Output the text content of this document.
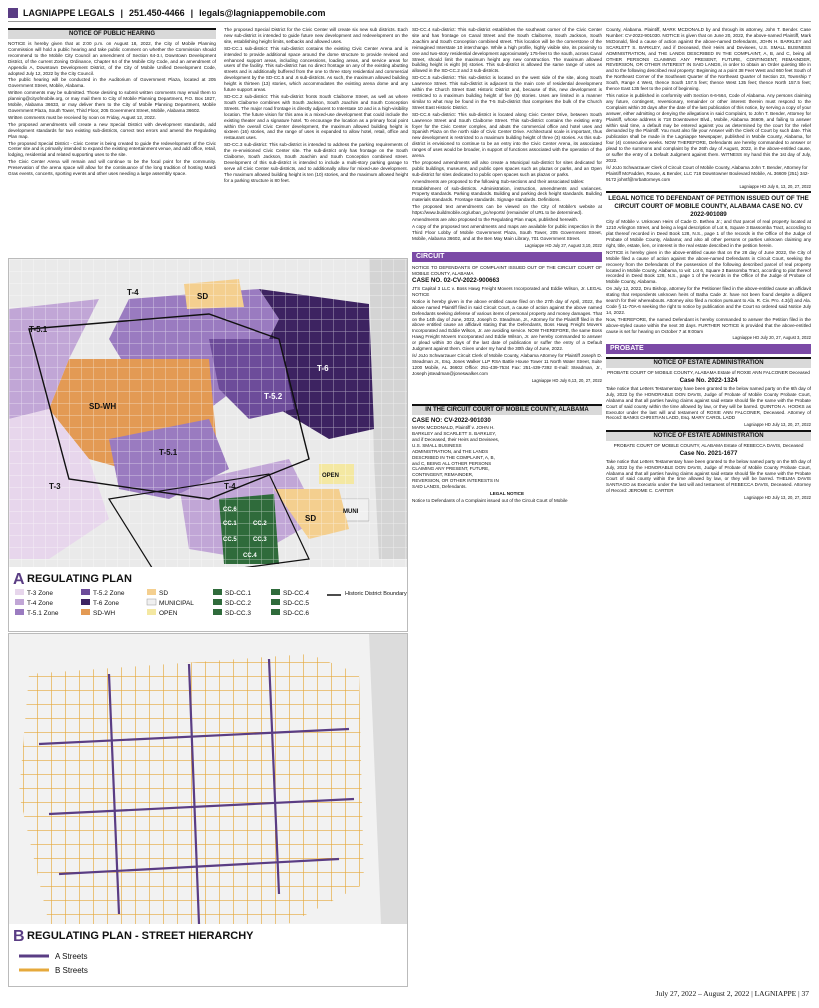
LAGNIAPPE LEGALS | 251.450-4466 | legals@lagniappemobile.com
NOTICE OF PUBLIC HEARING

NOTICE is hereby given that at 2:00 p.m. on August 18, 2022, the City of Mobile Planning Commission will hold a public hearing and take public comment on whether the Commission should recommend to the Mobile City Council an amendment of Section 64-3.I, Downtown Development District, of the current Zoning Ordinance, Chapter 64 of the Mobile City Code, and an amendment of Appendix A, Downtown Development District, of the City of Mobile Unified Development Code, adopted July 12, 2022 by the City Council.

The public hearing will be conducted in the Auditorium of Government Plaza, located at 205 Government Street, Mobile, Alabama.

Written comments may be submitted. Those desiring to submit written comments may email them to planning@cityofmobile.org, or may mail them to City of Mobile Planning Department, P.O. Box 1827, Mobile, Alabama 36633, or may deliver them to the City of Mobile Planning Department, Mobile Government Plaza, South Tower, Third Floor, 205 Government Street, Mobile, Alabama 36602.

Written comments must be received by noon on Friday, August 12, 2022.

The proposed amendments will create a new Special District with development standards, add development standards for two existing sub-districts, correct text errors and amend the Regulating Plan map.

The proposed Special District - Civic Center is being created to guide the redevelopment of the Civic Center site and is primarily intended to expand the existing entertainment venue, and add office, retail, lodging, residential and related supporting uses to the site.

The Civic Center Arena will remain and will continue to be the focal point for the community. Preservation of the arena space will allow for the continuance of the long tradition of hosting Mardi Gras events, concerts, sporting events and other uses needing a large assembly space.

The proposed Special District for the Civic Center will create six new sub districts. Each new sub-district is intended to guide future new development and redevelopment on the site, establishing height limits, setbacks and allowed uses.

SD-CC.1 sub-district: This sub-district contains the existing Civic Center Arena and is intended to provide additional space around the dome structure to provide revised and enhanced support areas, including concessions, loading areas, and service areas for users of the facility. This sub-district has no direct frontage on any of the existing abutting streets and is additionally buffered from the one to three story residential and commercial development by the SD-CC.5 and .6 sub-districts. As such, the maximum allowed building height is thirteen (13) stories, which accommodates the existing arena dome and any future support areas.

SD-CC.2 sub-district: This sub-district fronts South Claiborne Street, as well as where South Claiborne combines with South Jackson, South Joachim and South Conception Streets. The major road frontage is directly adjacent to Interstate 10 and is a high-visibility location. The future vision for this area is a mixed-use development that could include the existing theater and a signature hotel. To encourage the location as a primary focal point within the overall Civic Center development, the maximum allowed building height is sixteen (16) stories, and the range of uses is expanded to allow hotel, retail, office and restaurant uses.

SD-CC.3 sub-district: This sub-district is intended to address the parking requirements of the re-envisioned Civic Center site. The sub-district only has frontage on the South Claiborne, South Jackson, South Joachim and South Conception combined street. Development of this sub-district is intended to include a multi-story parking garage to serve all Civic Center sub-districts, and to additionally allow for mixed-use development. The maximum allowed building height is ten (10) stories, and the maximum allowed height for a parking structure is 80 feet.

SD-CC.4 sub-district: This sub-district establishes the southeast corner of the Civic Center site and has frontage on Canal Street and the South Claiborne, South Jackson, South Joachim and South Conception combined street. This location will be the cornerstone of the reimagined Interstate 10 interchange. While a high profile, highly visible site, its proximity to one and two-story residential development approximately 175-feet to the south, across Canal Street, should limit the maximum height any new construction. The maximum allowed building height is eight (8) stories. This sub-district is allowed the same range of uses as allowed in the SD-CC.2 and 3 sub-districts.

SD-CC.5 sub-district: This sub-district is located on the west side of the site, along South Lawrence Street. This sub-district is adjacent to the main core of residential development within the Church Street East Historic District and, because of this, new development is restricted to a maximum building height of five (5) stories. Uses are limited in a manner similar to what may be found in the T-5 Sub-district that comprises the bulk of the Church Street East Historic District.

SD-CC.6 sub-district: This sub-district is located along Civic Center Drive, between South Lawrence Street and South Claiborne Street. This sub-district contains the existing entry foyer for the Civic Center complex, and abuts the commercial office and hotel uses and Spanish Plaza on the north side of Civic Center Drive. Architectural scale is important, thus new development is restricted to a maximum building height of three (3) stories. As this sub-district is envisioned to continue to be an entry into the Civic Center Arena, its associated ranges of uses would be broader, in support of functions associated with the operation of the arena.

The proposed amendments will also create a Municipal sub-district for sites dedicated for public buildings, museums, and public open spaces such as plazas or parks, and an Open sub-district for sites dedicated to public open spaces such as plazas or parks.

Amendments are proposed to the following Sub-sections and their associated tables:

Establishment of sub-districts. Administration, instruction, amendments and variances. Property standards. Parking standards. Building and parking deck height standards. Building materials standards. Frontage standards. Signage standards. Definitions.

The proposed text amendments can be viewed on the City of Mobile's website at https://www.buildmobile.org/urban_pc/reports/ (remainder of URL to be determined).

Amendments are also proposed to the Regulating Plan maps, published herewith.

A copy of the proposed text amendments and maps are available for public inspection in the Third Floor Lobby of Mobile Government Plaza, South Tower, 205 Government Street, Mobile, Alabama 36602, and at the Ben May Main Library, 701 Government Street.

Lagniappe HD July 27, August 3,10, 2022
CIRCUIT

NOTICE TO DEFENDANTS OF COMPLAINT ISSUED OUT OF THE CIRCUIT COURT OF MOBILE COUNTY, ALABAMA

CASE NO. 02-CV-2022-900663

JTS Capital 3 LLC v. Boss Hawg Freight Movers Incorporated and Eddie Wilson, Jr. LEGAL NOTICE

Notice is hereby given in the above entitled cause filed on the 27th day of April, 2022, the above named Plaintiff filed in said Circuit Court, a cause of action against the above named Defendants seeking defense of various items of personal property and money damages. That on the 14th day of June, 2022, Joseph D. Steadman, Jr., Attorney for the Plaintiff filed in the above entitled cause an affidavit stating that the Defendants, Boss Hawg Freight Movers Incorporated and Eddie Wilson, Jr. are avoiding service. NOW THEREFORE, the same Boss Hawg Freight Movers Incorporated and Eddie Wilson, Jr. are hereby commanded to answer or plead within 30 days of the last date of publication or suffer the entry of a Default Judgment against them. Given under my hand the 30th day of June, 2022.

/s/ JoJo Schwarzauer Circuit Clerk of Mobile County, Alabama Attorney for Plaintiff Joseph D. Steadman Jr., Esq. Jones Walker LLP RSA Battle House Tower 11 North Water Street, Suite 1200 Mobile, AL 36602 Office: 251-439-7534 Fax: 251-439-7392 E-mail: Steadman, Jr., Joseph jsteadman@joneswalker.com

Lagniappe HD July 6,13, 20, 27, 2022
IN THE CIRCUIT COURT OF MOBILE COUNTY, ALABAMA

CASE NO: CV-2022-901030

MARK MCDONALD, Plaintiff v. JOHN H. BARKLEY and SCARLETT S. BARKLEY, and if Deceased, their Heirs and Devisees, U.S. SMALL BUSINESS ADMINISTRATION, and THE LANDS DESCRIBED IN THE COMPLAINT, A, B, and C, BEING ALL OTHER PERSONS CLAIMING ANY PRESENT, FUTURE, CONTINGENT, REMAINDER, REVERSION, OR OTHER INTERESTS IN SAID LANDS, Defendants.

LEGAL NOTICE

Notice to Defendants of a Complaint issued out of the Circuit Court of Mobile

County, Alabama. Plaintiff, MARK MCDONALD by and through its attorney, John T. Bender. Case Number: CV-2022-901030. NOTICE is given that on June 20, 2022, the above-named Plaintiff, Mark McDonald, filed a cause of action against the above-named Defendants, JOHN H. BARKLEY and SCARLETT S. BARKLEY, and if Deceased, their Heirs and Devisees, U.S. SMALL BUSINESS ADMINISTRATION, and THE LANDS DESCRIBED IN THE COMPLAINT, A, B, and C, being all OTHER PERSONS CLAIMING ANY PRESENT, FUTURE, CONTINGENT, REMAINDER, REVERSION, OR OTHER INTEREST IN SAID LANDS, in order to obtain an Order quieting title in and to the following described real property: Beginning at a point 38 Feet West and 660 feet South of the Northeast Corner of the Southeast Quarter of the Northeast Quarter of Section 23, Township 7 South, Range 4 West, thence South 157.5 feet; thence West 135 feet; thence North 157.5 feet; thence East 135 feet to the point of beginning.

This notice is published in conformity with Section 6-6-564, Code of Alabama. Any persons claiming any future, contingent, reversionary, remainder or other interest therein must respond to the Complaint within 30 days after the date of the last publication of this notice, by serving a copy of your answer, either admitting or denying the allegations in said Complaint, to John T. Bender, Attorney for Plaintiff, whose address is 718 Downtowner Blvd., Mobile, Alabama 36609, and failing to answer within said time, a default may be entered against you as determined by the court for the relief demanded by the Plaintiff. You must also file your Answer with the Clerk of Court by such date. This publication shall be made in the Lagniappe Newspaper, published in Mobile County, Alabama, for four (4) consecutive weeks. NOW THEREFORE, Defendants are hereby commanded to answer or plead to the summons and complaint by the 26th day of August, 2022, in the above-entitled cause, or suffer the entry of a Default Judgment against them. WITNESS my hand this the 1st day of July, 2022.

/s/ JoJo Schwarzauer Clerk of Circuit Court of Mobile County, Alabama John T. Bender, Attorney for Plaintiff McFadden, Rouse, & Bender, LLC 718 Downtowner Boulevard Mobile, AL 36609 (251) 342-9172 johntf@mrbattorneys.com

Lagniappe HD July 6, 13, 20, 27, 2022

LEGAL NOTICE TO DEFENDANT OF PETITION ISSUED OUT OF THE CIRCUIT COURT OF MOBILE COUNTY, ALABAMA CASE NO. CV 2022-901089

City of Mobile v. Unknown Heirs of Cade D. Bethea Jr.; and that parcel of real property located at 1210 Arlington Street, and being a legal description of Lot 6, Square 3 Bassomba Tract, according to plat thereof recorded in Deed Book 128, N.S., page 1 of the records in the Office of the Judge of Probate of Mobile County, Alabama; and also all other persons or parties unknown claiming any right, title, estate, lien, or interest in the real estate described in the petition herein.

NOTICE is hereby given in the above-entitled cause that on the 28 day of June 2022, the City of Mobile filed a cause of action against the above-named Defendants in Circuit Court, seeking the recovery from the Defendants of the possession of the following described parcel of real property located in Mobile County, Alabama, to wit: Lot 6, Square 3 Bassomba Tract, according to plat thereof recorded in Deed Book 128, N.S., page 1 of the records in the Office of the Judge of Probate of Mobile County, Alabama.

On July 12, 2022, Dru Bishop, attorney for the Petitioner filed in the above-entitled cause an affidavit stating that respondents unknown heirs of Batha Cade Jr. have not been found despite a diligent search for their whereabouts. Attorney also filed a motion pursuant to Ala. R. Civ. Pro. 4.3(d) and Ala. Code § 11-70A-6 seeking the right to notice by publication and the Court so ordered said Notice July 14, 2022.

Now, THEREFORE, the named Defendant is hereby commanded to answer the Petition filed in the above-styled cause within the next 30 days. FURTHER NOTICE is provided that the above-entitled cause is set for hearing on October 7 at 9:00am

Lagniappe HD July 20, 27, August 3, 2022
PROBATE
NOTICE OF ESTATE ADMINISTRATION

PROBATE COURT OF MOBILE COUNTY, ALABAMA Estate of ROXIE ANN FALCONER Deceased

Case No. 2022-1324

Take notice that Letters Testamentary have been granted to the below named party on the 6th day of July, 2022 by the HONORABLE DON DAVIS, Judge of Probate of Mobile County Probate Court, Alabama and that all parties having claims against said estate should file the same with the Probate Court of said county within the time allowed by law, or they will be barred. QUINTON A. HOOKS as Executor under the last will and testament of ROXIE ANN FALCONER, Deceased. Attorney of Record: BANKS CHRISTIAN LADD, Esq. MARY CAROL LADD

Lagniappe HD July 13, 20, 27, 2022
NOTICE OF ESTATE ADMINISTRATION

PROBATE COURT OF MOBILE COUNTY, ALABAMA Estate of REBECCA DAVIS, Deceased

Case No. 2021-1677

Take notice that Letters Testamentary have been granted to the below named party on the 5th day of July, 2022 by the HONORABLE DON DAVIS, Judge of Probate of Mobile County Probate Court, Alabama and that all parties having claims against said estate should file the same with the Probate Court of said county within the time allowed by law, or they will be barred. THELMA DAVIS SANTIAGO as Executrix under the last will and testament of REBECCA DAVIS, Deceased. Attorney of Record: JEROME C. CARTER

Lagniappe HD July 13, 20, 27, 2022
SD
T-4
T-6
T-5.1
T-5.2
SD-WH
T-5.1
T-4
T-3
OPEN
MUNI
SD
CC.6
CC.1	CC.2
CC.5	CC.3
CC.4
A REGULATING PLAN
T-3 Zone
T-4 Zone
T-5.1 Zone
T-5.2 Zone
T-6 Zone
SD-WH
SD
MUNICIPAL
OPEN
SD-CC.1
SD-CC.2
SD-CC.3
SD-CC.4
SD-CC.5
SD-CC.6
Historic District Boundary
B REGULATING PLAN - STREET HIERARCHY
A Streets
B Streets
July 27, 2022 – August 2, 2022 | LAGNIAPPE | 37
